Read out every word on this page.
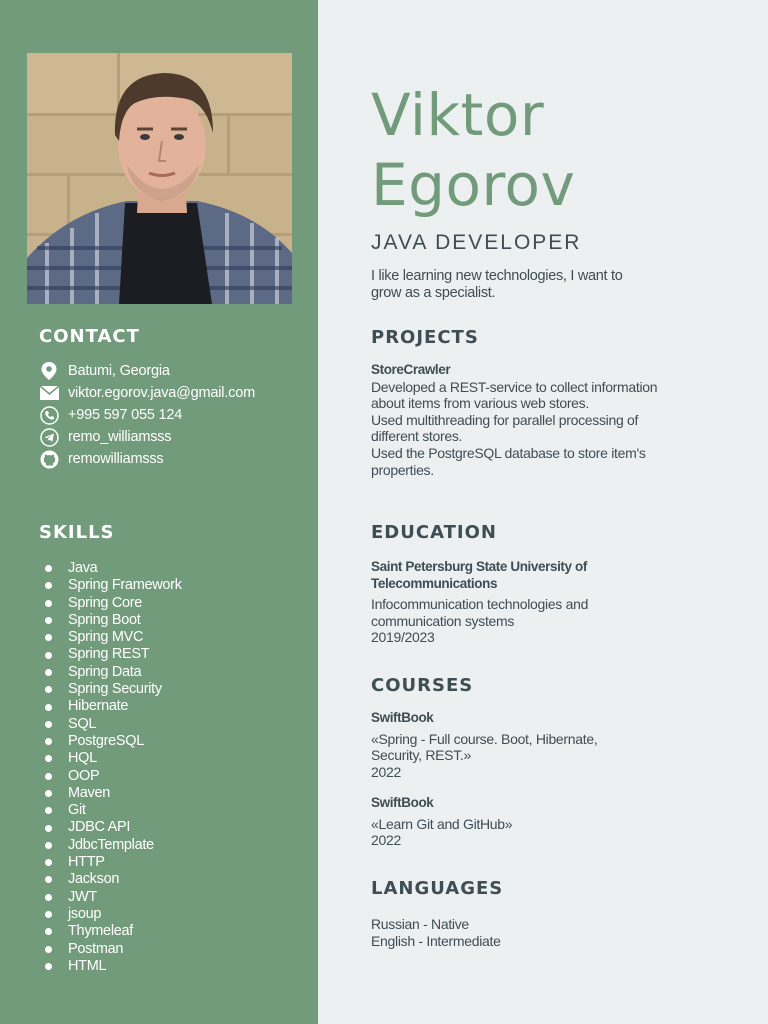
CONTACT
Batumi, Georgia
viktor.egorov.java@gmail.com
+995 597 055 124
remo_williamsss
remowilliamsss
SKILLS
Java
Spring Framework
Spring Core
Spring Boot
Spring MVC
Spring REST
Spring Data
Spring Security
Hibernate
SQL
PostgreSQL
HQL
OOP
Maven
Git
JDBC API
JdbcTemplate
HTTP
Jackson
JWT
jsoup
Thymeleaf
Postman
HTML
Viktor
Egorov
JAVA DEVELOPER

I like learning new technologies, I want to grow as a specialist.

PROJECTS

StoreCrawler

Developed a REST-service to collect information about items from various web stores.

Used multithreading for parallel processing of different stores.

Used the PostgreSQL database to store item's properties.

EDUCATION

Saint Petersburg State University of Telecommunications

Infocommunication technologies and communication systems

2019/2023

COURSES

SwiftBook

«Spring - Full course. Boot, Hibernate, Security, REST.»

2022

SwiftBook

«Learn Git and GitHub»

2022

LANGUAGES

Russian - Native

English - Intermediate
